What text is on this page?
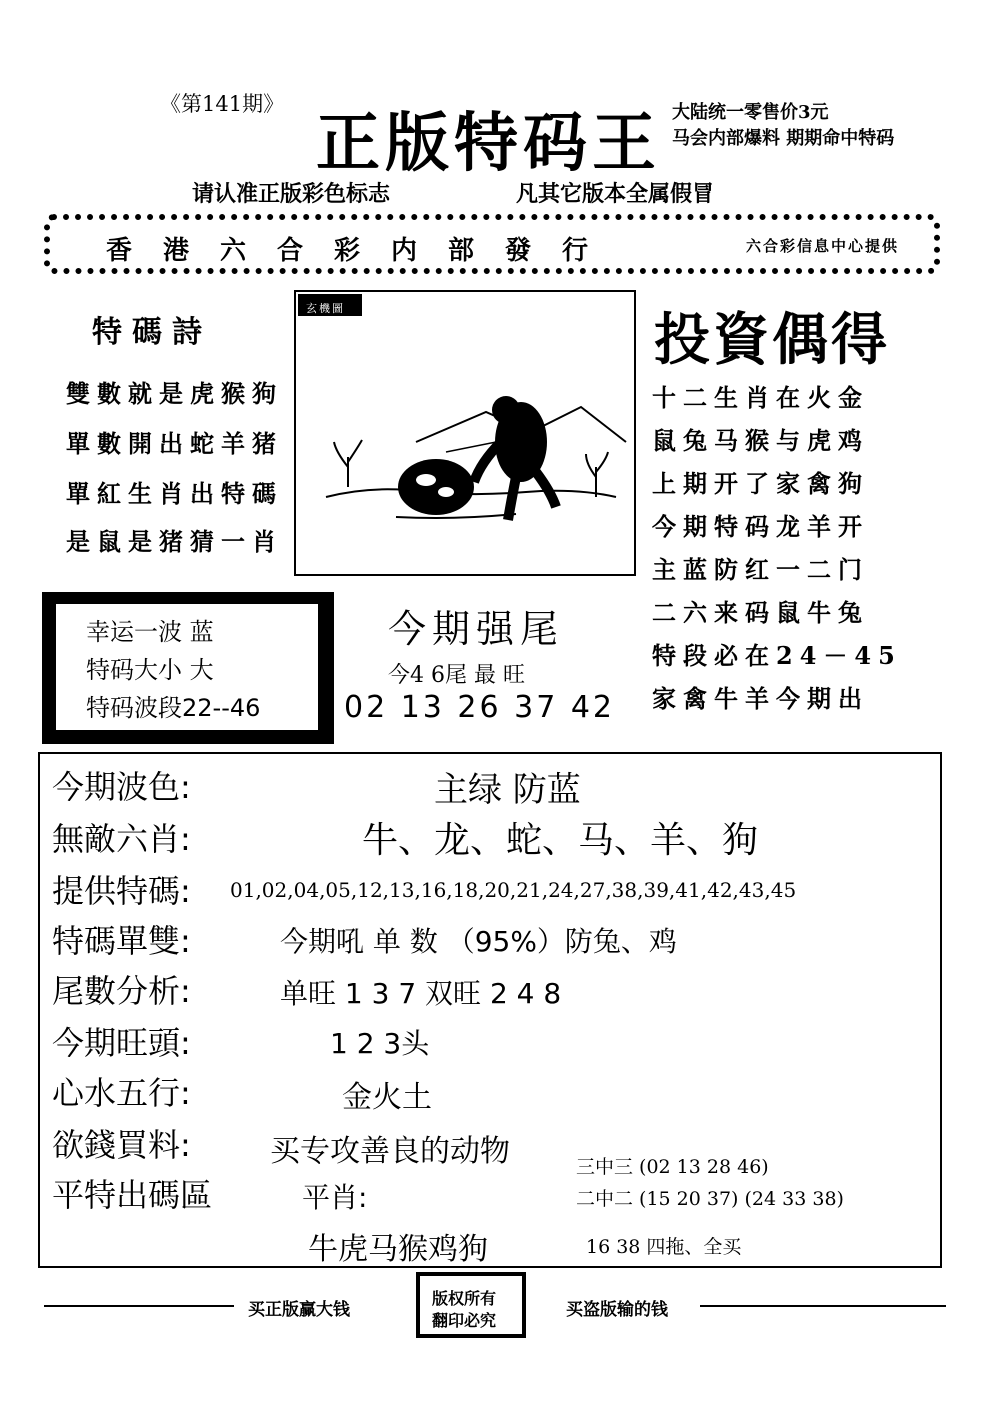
《第141期》
正版特码王 大陆统一零售价3元
马会内部爆料 期期命中特码
请认准正版彩色标志	凡其它版本全属假冒
香港六合彩内部發行	六合彩信息中心提供
特碼詩
雙數就是虎猴狗
單數開出蛇羊猪
單紅生肖出特碼
是鼠是猪猜一肖
玄機圖	投資偶得
十二生肖在火金
鼠兔马猴与虎鸡
上期开了家禽狗
今期特码龙羊开
主蓝防红一二门
二六来码鼠牛兔
特段必在24－45
家禽牛羊今期出
幸运一波 蓝
特码大小 大
特码波段22--46
今期强尾
今4 6尾 最 旺
02 13 26 37 42
今期波色:	主绿 防蓝
無敵六肖:	牛、龙、蛇、马、羊、狗
提供特碼: 01,02,04,05,12,13,16,18,20,21,24,27,38,39,41,42,43,45
特碼單雙:	今期吼 单 数 （95%）防兔、鸡
尾數分析:	单旺 1 3 7 双旺 2 4 8
今期旺頭:	1 2 3头
心水五行:	金火土
欲錢買料:	买专攻善良的动物
平特出碼區	平肖:
牛虎马猴鸡狗
三中三 (02 13 28 46)
二中二 (15 20 37) (24 33 38)
16 38 四拖、全买
买正版赢大钱	买盗版输的钱
版权所有
翻印必究
